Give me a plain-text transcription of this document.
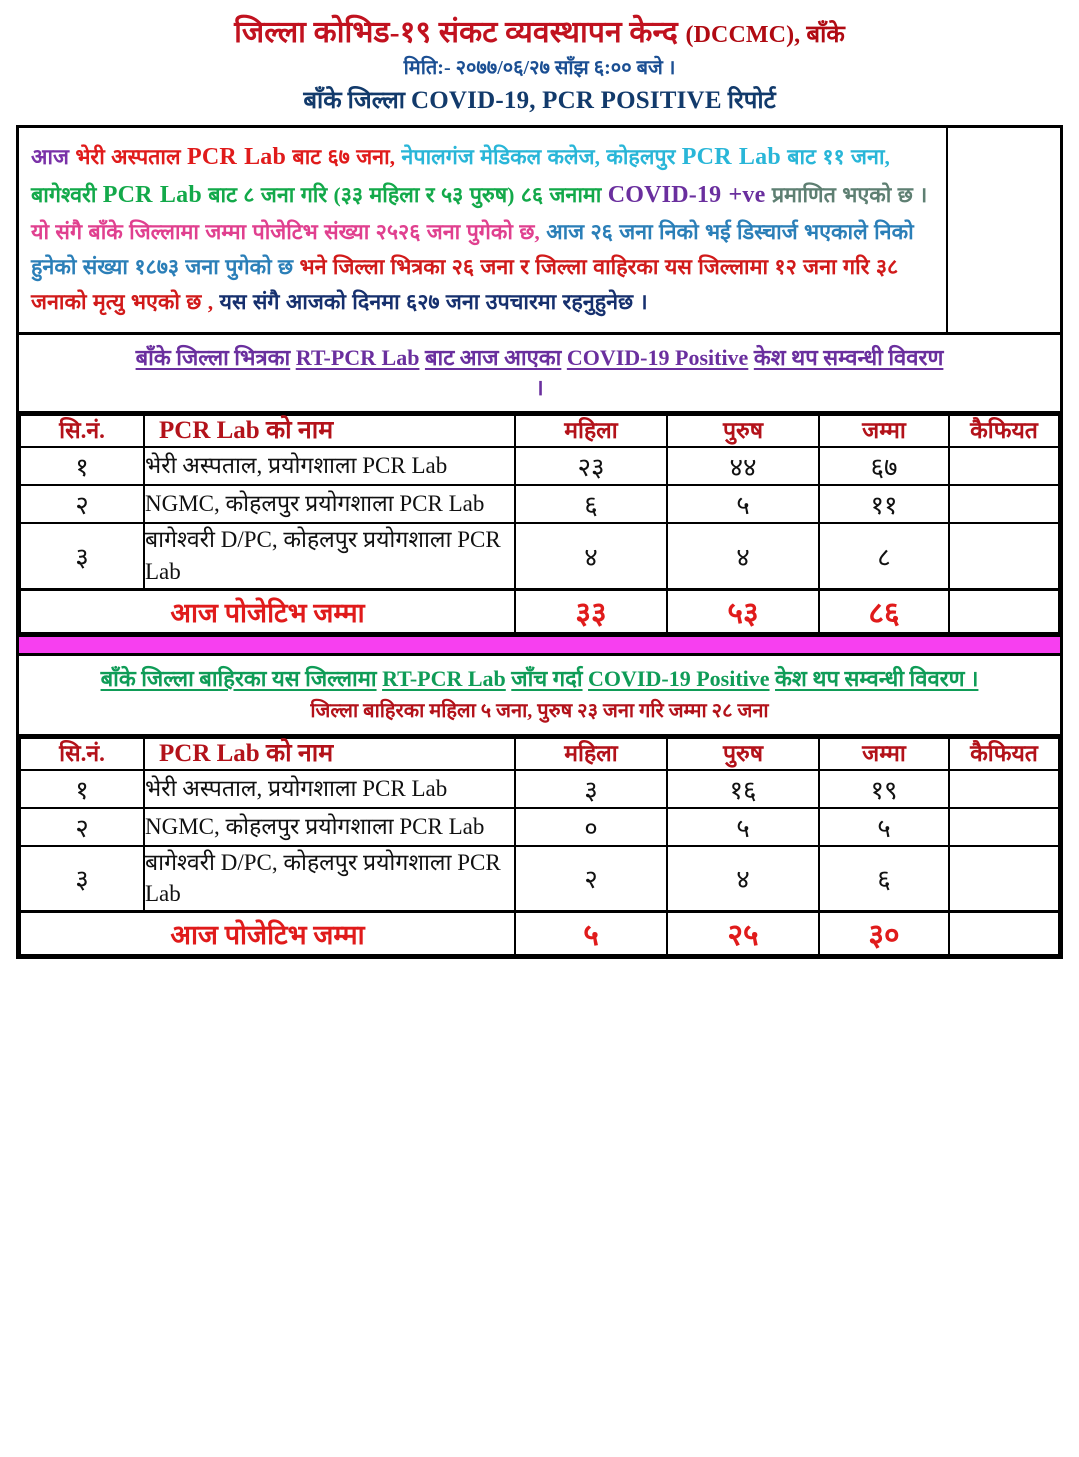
जिल्ला कोभिड-१९ संकट व्यवस्थापन केन्द (DCCMC), बाँके
मिति:- २०७७/०६/२७ साँझ ६:०० बजे ।
बाँके जिल्ला COVID-19, PCR POSITIVE रिपोर्ट
आज भेरी अस्पताल PCR Lab बाट ६७ जना, नेपालगंज मेडिकल कलेज, कोहलपुर PCR Lab बाट ११ जना, बागेश्वरी PCR Lab बाट ८ जना गरि (३३ महिला र ५३ पुरुष) ८६ जनामा COVID-19 +ve प्रमाणित भएको छ । यो संगै बाँके जिल्लामा जम्मा पोजेटिभ संख्या २५२६ जना पुगेको छ, आज २६ जना निको भई डिस्चार्ज भएकाले निको हुनेको संख्या १८७३ जना पुगेको छ भने जिल्ला भित्रका २६ जना र जिल्ला वाहिरका यस जिल्लामा १२ जना गरि ३८ जनाको मृत्यु भएको छ , यस संगै आजको दिनमा ६२७ जना उपचारमा रहनुहुनेछ ।
बाँके जिल्ला भित्रका RT-PCR Lab बाट आज आएका COVID-19 Positive केश थप सम्वन्धी विवरण
।
सि.नं.	PCR Lab को नाम	महिला	पुरुष	जम्मा	कैफियत
१	भेरी अस्पताल, प्रयोगशाला PCR Lab	२३	४४	६७	
२	NGMC, कोहलपुर प्रयोगशाला PCR Lab	६	५	११	
३	बागेश्वरी D/PC, कोहलपुर प्रयोगशाला PCR Lab	४	४	८	
आज पोजेटिभ जम्मा		३३	५३	८६	
बाँके जिल्ला बाहिरका यस जिल्लामा RT-PCR Lab जाँच गर्दा COVID-19 Positive केश थप सम्वन्धी विवरण ।
जिल्ला बाहिरका महिला ५ जना, पुरुष २३ जना गरि जम्मा २८ जना
सि.नं.	PCR Lab को नाम	महिला	पुरुष	जम्मा	कैफियत
१	भेरी अस्पताल, प्रयोगशाला PCR Lab	३	१६	१९	
२	NGMC, कोहलपुर प्रयोगशाला PCR Lab	०	५	५	
३	बागेश्वरी D/PC, कोहलपुर प्रयोगशाला PCR Lab	२	४	६	
आज पोजेटिभ जम्मा		५	२५	३०	
